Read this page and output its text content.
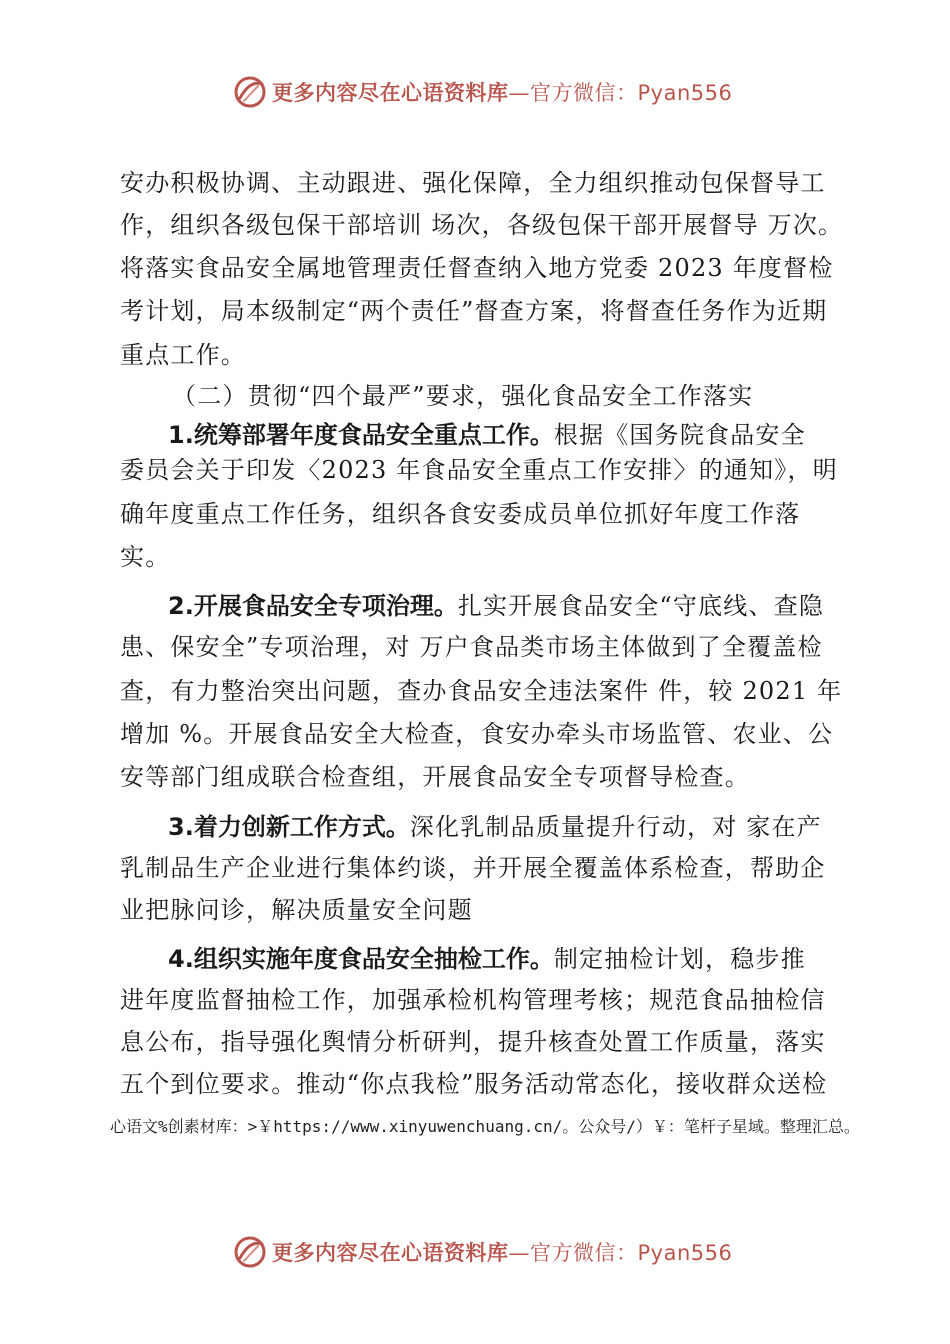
更多内容尽在心语资料库—官方微信：Pyan556
安办积极协调、主动跟进、强化保障，全力组织推动包保督导工
作，组织各级包保干部培训 场次，各级包保干部开展督导 万次。
将落实食品安全属地管理责任督查纳入地方党委 2023 年度督检
考计划，局本级制定“两个责任”督查方案，将督查任务作为近期
重点工作。
（二）贯彻“四个最严”要求，强化食品安全工作落实
1.统筹部署年度食品安全重点工作。根据《国务院食品安全
委员会关于印发〈2023 年食品安全重点工作安排〉的通知》，明
确年度重点工作任务，组织各食安委成员单位抓好年度工作落
实。
2.开展食品安全专项治理。扎实开展食品安全“守底线、查隐
患、保安全”专项治理，对 万户食品类市场主体做到了全覆盖检
查，有力整治突出问题，查办食品安全违法案件 件，较 2021 年
增加 %。开展食品安全大检查，食安办牵头市场监管、农业、公
安等部门组成联合检查组，开展食品安全专项督导检查。
3.着力创新工作方式。深化乳制品质量提升行动，对 家在产
乳制品生产企业进行集体约谈，并开展全覆盖体系检查，帮助企
业把脉问诊，解决质量安全问题
4.组织实施年度食品安全抽检工作。制定抽检计划，稳步推
进年度监督抽检工作，加强承检机构管理考核；规范食品抽检信
息公布，指导强化舆情分析研判，提升核查处置工作质量，落实
五个到位要求。推动“你点我检”服务活动常态化，接收群众送检
心语文%创素材库：>￥https://www.xinyuwenchuang.cn/。公众号/）￥：笔杆子星域。整理汇总。
更多内容尽在心语资料库—官方微信：Pyan556
